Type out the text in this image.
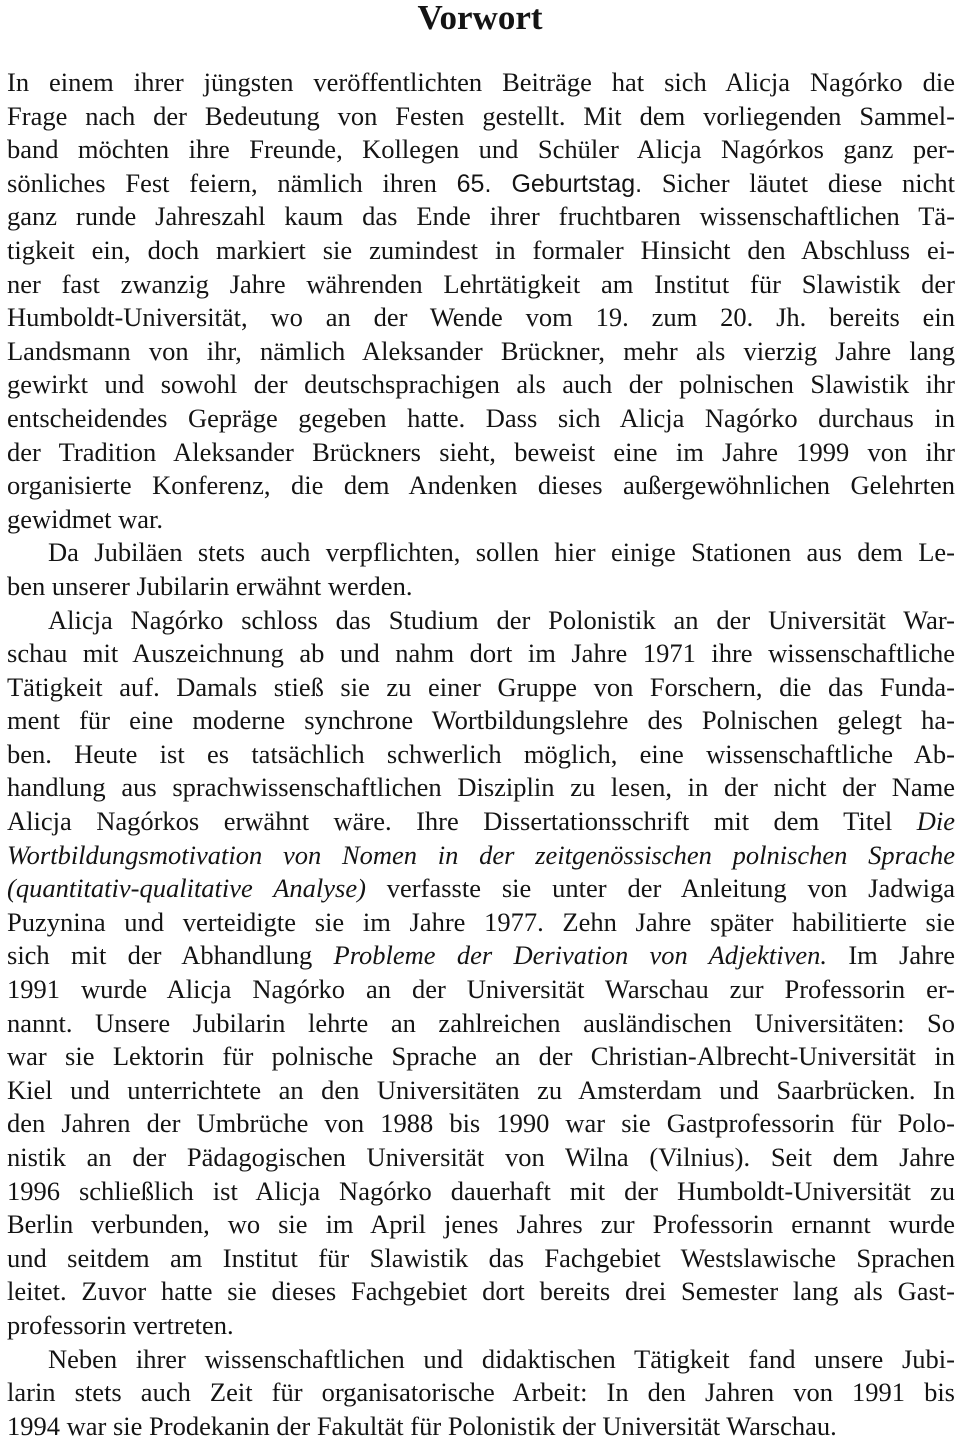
Vorwort
In einem ihrer jüngsten veröffentlichten Beiträge hat sich Alicja Nagórko die
Frage nach der Bedeutung von Festen gestellt. Mit dem vorliegenden Sammel-
band möchten ihre Freunde, Kollegen und Schüler Alicja Nagórkos ganz per-
sönliches Fest feiern, nämlich ihren 65. Geburtstag. Sicher läutet diese nicht
ganz runde Jahreszahl kaum das Ende ihrer fruchtbaren wissenschaftlichen Tä-
tigkeit ein, doch markiert sie zumindest in formaler Hinsicht den Abschluss ei-
ner fast zwanzig Jahre währenden Lehrtätigkeit am Institut für Slawistik der
Humboldt-Universität, wo an der Wende vom 19. zum 20. Jh. bereits ein
Landsmann von ihr, nämlich Aleksander Brückner, mehr als vierzig Jahre lang
gewirkt und sowohl der deutschsprachigen als auch der polnischen Slawistik ihr
entscheidendes Gepräge gegeben hatte. Dass sich Alicja Nagórko durchaus in
der Tradition Aleksander Brückners sieht, beweist eine im Jahre 1999 von ihr
organisierte Konferenz, die dem Andenken dieses außergewöhnlichen Gelehrten
gewidmet war.
Da Jubiläen stets auch verpflichten, sollen hier einige Stationen aus dem Le-
ben unserer Jubilarin erwähnt werden.
Alicja Nagórko schloss das Studium der Polonistik an der Universität War-
schau mit Auszeichnung ab und nahm dort im Jahre 1971 ihre wissenschaftliche
Tätigkeit auf. Damals stieß sie zu einer Gruppe von Forschern, die das Funda-
ment für eine moderne synchrone Wortbildungslehre des Polnischen gelegt ha-
ben. Heute ist es tatsächlich schwerlich möglich, eine wissenschaftliche Ab-
handlung aus sprachwissenschaftlichen Disziplin zu lesen, in der nicht der Name
Alicja Nagórkos erwähnt wäre. Ihre Dissertationsschrift mit dem Titel Die
Wortbildungsmotivation von Nomen in der zeitgenössischen polnischen Sprache
(quantitativ-qualitative Analyse) verfasste sie unter der Anleitung von Jadwiga
Puzynina und verteidigte sie im Jahre 1977. Zehn Jahre später habilitierte sie
sich mit der Abhandlung Probleme der Derivation von Adjektiven. Im Jahre
1991 wurde Alicja Nagórko an der Universität Warschau zur Professorin er-
nannt. Unsere Jubilarin lehrte an zahlreichen ausländischen Universitäten: So
war sie Lektorin für polnische Sprache an der Christian-Albrecht-Universität in
Kiel und unterrichtete an den Universitäten zu Amsterdam und Saarbrücken. In
den Jahren der Umbrüche von 1988 bis 1990 war sie Gastprofessorin für Polo-
nistik an der Pädagogischen Universität von Wilna (Vilnius). Seit dem Jahre
1996 schließlich ist Alicja Nagórko dauerhaft mit der Humboldt-Universität zu
Berlin verbunden, wo sie im April jenes Jahres zur Professorin ernannt wurde
und seitdem am Institut für Slawistik das Fachgebiet Westslawische Sprachen
leitet. Zuvor hatte sie dieses Fachgebiet dort bereits drei Semester lang als Gast-
professorin vertreten.
Neben ihrer wissenschaftlichen und didaktischen Tätigkeit fand unsere Jubi-
larin stets auch Zeit für organisatorische Arbeit: In den Jahren von 1991 bis
1994 war sie Prodekanin der Fakultät für Polonistik der Universität Warschau.
